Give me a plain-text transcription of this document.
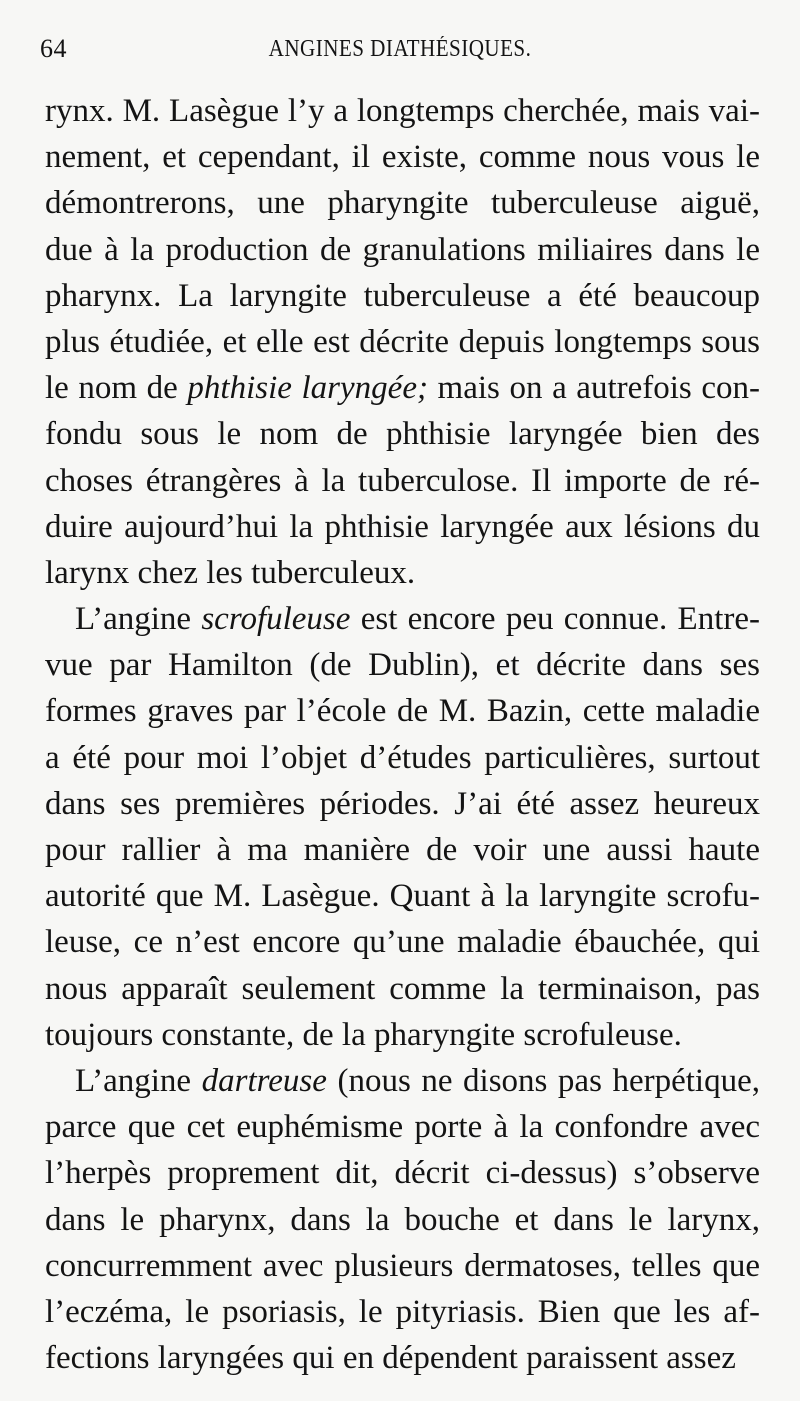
64	ANGINES DIATHÉSIQUES.
rynx. M. Lasègue l’y a longtemps cherchée, mais vai-
nement, et cependant, il existe, comme nous vous le
démontrerons, une pharyngite tuberculeuse aiguë,
due à la production de granulations miliaires dans le
pharynx. La laryngite tuberculeuse a été beaucoup
plus étudiée, et elle est décrite depuis longtemps sous
le nom de phthisie laryngée; mais on a autrefois con-
fondu sous le nom de phthisie laryngée bien des
choses étrangères à la tuberculose. Il importe de ré-
duire aujourd’hui la phthisie laryngée aux lésions du
larynx chez les tuberculeux.
L’angine scrofuleuse est encore peu connue. Entre-
vue par Hamilton (de Dublin), et décrite dans ses
formes graves par l’école de M. Bazin, cette maladie
a été pour moi l’objet d’études particulières, surtout
dans ses premières périodes. J’ai été assez heureux
pour rallier à ma manière de voir une aussi haute
autorité que M. Lasègue. Quant à la laryngite scrofu-
leuse, ce n’est encore qu’une maladie ébauchée, qui
nous apparaît seulement comme la terminaison, pas
toujours constante, de la pharyngite scrofuleuse.
L’angine dartreuse (nous ne disons pas herpétique,
parce que cet euphémisme porte à la confondre avec
l’herpès proprement dit, décrit ci-dessus) s’observe
dans le pharynx, dans la bouche et dans le larynx,
concurremment avec plusieurs dermatoses, telles que
l’eczéma, le psoriasis, le pityriasis. Bien que les af-
fections laryngées qui en dépendent paraissent assez
